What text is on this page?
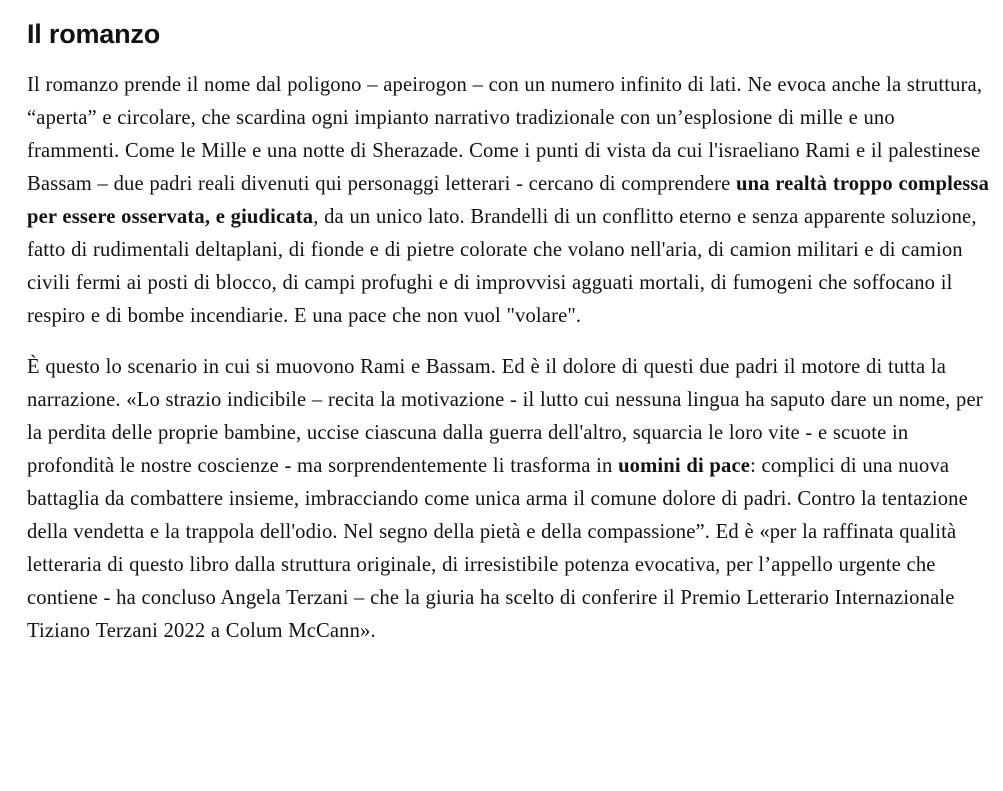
Il romanzo

Il romanzo prende il nome dal poligono – apeirogon – con un numero infinito di lati. Ne evoca anche la struttura, “aperta” e circolare, che scardina ogni impianto narrativo tradizionale con un’esplosione di mille e uno frammenti. Come le Mille e una notte di Sherazade. Come i punti di vista da cui l'israeliano Rami e il palestinese Bassam – due padri reali divenuti qui personaggi letterari - cercano di comprendere una realtà troppo complessa per essere osservata, e giudicata, da un unico lato. Brandelli di un conflitto eterno e senza apparente soluzione, fatto di rudimentali deltaplani, di fionde e di pietre colorate che volano nell'aria, di camion militari e di camion civili fermi ai posti di blocco, di campi profughi e di improvvisi agguati mortali, di fumogeni che soffocano il respiro e di bombe incendiarie. E una pace che non vuol "volare".

È questo lo scenario in cui si muovono Rami e Bassam. Ed è il dolore di questi due padri il motore di tutta la narrazione. «Lo strazio indicibile – recita la motivazione - il lutto cui nessuna lingua ha saputo dare un nome, per la perdita delle proprie bambine, uccise ciascuna dalla guerra dell'altro, squarcia le loro vite - e scuote in profondità le nostre coscienze - ma sorprendentemente li trasforma in uomini di pace: complici di una nuova battaglia da combattere insieme, imbracciando come unica arma il comune dolore di padri. Contro la tentazione della vendetta e la trappola dell'odio. Nel segno della pietà e della compassione”. Ed è «per la raffinata qualità letteraria di questo libro dalla struttura originale, di irresistibile potenza evocativa, per l’appello urgente che contiene - ha concluso Angela Terzani – che la giuria ha scelto di conferire il Premio Letterario Internazionale Tiziano Terzani 2022 a Colum McCann».
